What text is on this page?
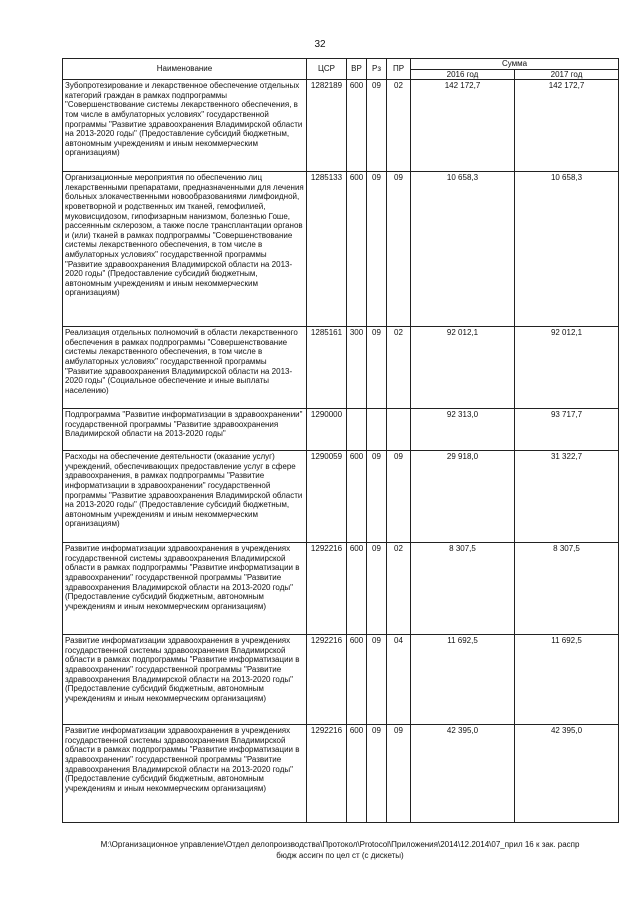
32
Наименование	ЦСР	ВР	Рз	ПР	Сумма	
					2016 год	2017 год
Зубопротезирование и лекарственное обеспечение отдельных категорий граждан в рамках подпрограммы "Совершенствование системы лекарственного обеспечения, в том числе в амбулаторных условиях" государственной программы "Развитие здравоохранения Владимирской области на 2013-2020 годы" (Предоставление субсидий бюджетным, автономным учреждениям и иным некоммерческим организациям)	1282189	600	09	02	142 172,7	142 172,7
Организационные мероприятия по обеспечению лиц лекарственными препаратами, предназначенными для лечения больных злокачественными новообразованиями лимфоидной, кроветворной и родственных им тканей, гемофилией, муковисцидозом, гипофизарным нанизмом, болезнью Гоше, рассеянным склерозом, а также после трансплантации органов и (или) тканей в рамках подпрограммы "Совершенствование системы лекарственного обеспечения, в том числе в амбулаторных условиях" государственной программы "Развитие здравоохранения Владимирской области на 2013-2020 годы" (Предоставление субсидий бюджетным, автономным учреждениям и иным некоммерческим организациям)	1285133	600	09	09	10 658,3	10 658,3
Реализация отдельных полномочий в области лекарственного обеспечения в рамках подпрограммы "Совершенствование системы лекарственного обеспечения, в том числе в амбулаторных условиях" государственной программы "Развитие здравоохранения Владимирской области на 2013-2020 годы" (Социальное обеспечение и иные выплаты населению)	1285161	300	09	02	92 012,1	92 012,1
Подпрограмма "Развитие информатизации в здравоохранении" государственной программы "Развитие здравоохранения Владимирской области на 2013-2020 годы"	1290000				92 313,0	93 717,7
Расходы на обеспечение деятельности (оказание услуг) учреждений, обеспечивающих предоставление услуг в сфере здравоохранения, в рамках подпрограммы "Развитие информатизации в здравоохранении" государственной программы "Развитие здравоохранения Владимирской области на 2013-2020 годы" (Предоставление субсидий бюджетным, автономным учреждениям и иным некоммерческим организациям)	1290059	600	09	09	29 918,0	31 322,7
Развитие информатизации здравоохранения в учреждениях государственной системы здравоохранения Владимирской области в рамках подпрограммы "Развитие информатизации в здравоохранении" государственной программы "Развитие здравоохранения Владимирской области на 2013-2020 годы" (Предоставление субсидий бюджетным, автономным учреждениям и иным некоммерческим организациям)	1292216	600	09	02	8 307,5	8 307,5
Развитие информатизации здравоохранения в учреждениях государственной системы здравоохранения Владимирской области в рамках подпрограммы "Развитие информатизации в здравоохранении" государственной программы "Развитие здравоохранения Владимирской области на 2013-2020 годы" (Предоставление субсидий бюджетным, автономным учреждениям и иным некоммерческим организациям)	1292216	600	09	04	11 692,5	11 692,5
Развитие информатизации здравоохранения в учреждениях государственной системы здравоохранения Владимирской области в рамках подпрограммы "Развитие информатизации в здравоохранении" государственной программы "Развитие здравоохранения Владимирской области на 2013-2020 годы" (Предоставление субсидий бюджетным, автономным учреждениям и иным некоммерческим организациям)	1292216	600	09	09	42 395,0	42 395,0
M:\Организационное управление\Отдел делопроизводства\Протокол\Protocol\Приложения\2014\12.2014\07_прил 16 к зак. распр
бюдж ассигн по цел ст (с дискеты)
